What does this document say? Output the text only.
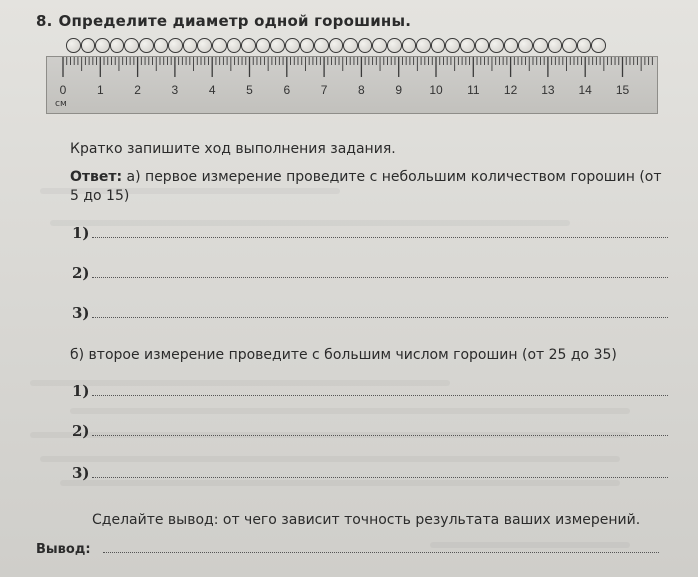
8. Определите диаметр одной горошины.
см
0	1	2	3	4	5	6	7	8	9 10 11 12 13 14 15
Кратко запишите ход выполнения задания.
Ответ: а) первое измерение проведите с небольшим количеством горошин (от 5 до 15)
1)
2)
3)
б) второе измерение проведите с большим числом горошин (от 25 до 35)
1)
2)
3)
Сделайте вывод: от чего зависит точность результата ваших измерений.
Вывод:
